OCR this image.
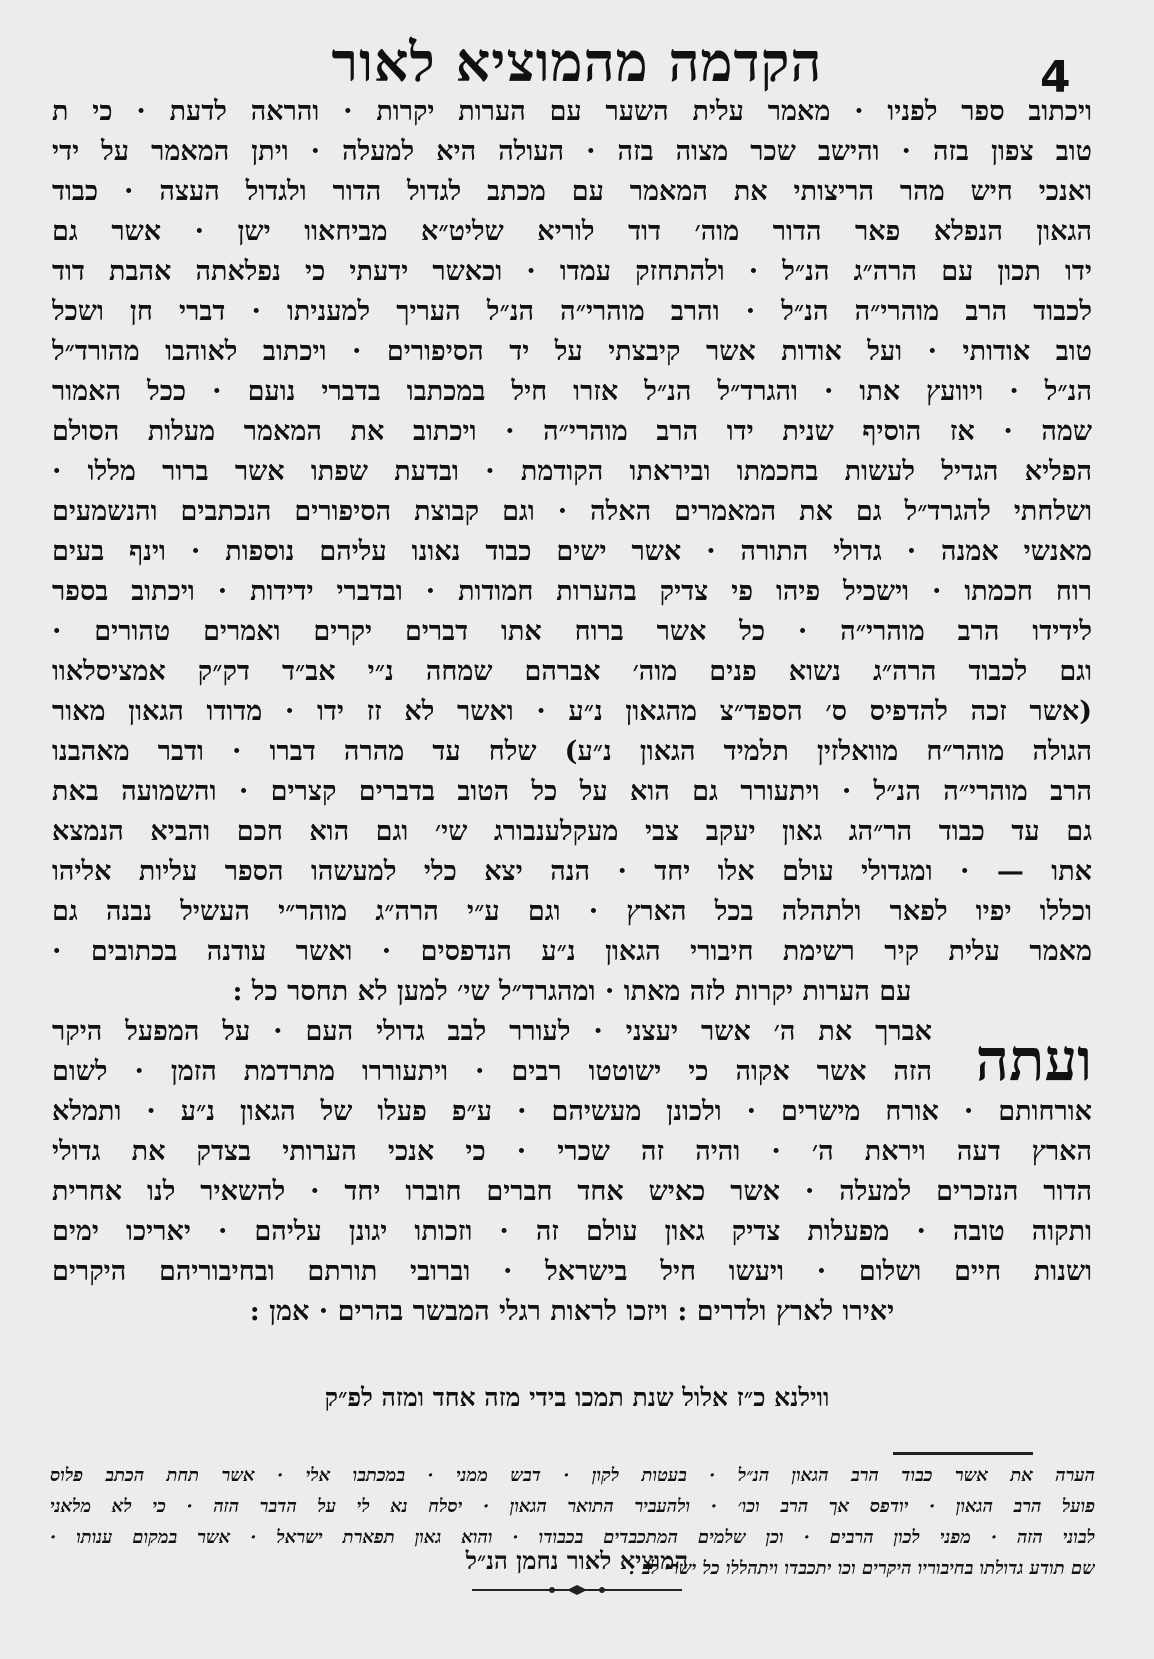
4
הקדמה מהמוציא לאור
ויכתוב ספר לפניו · מאמר עלית השער עם הערות יקרות · והראה לדעת · כי ת
טוב צפון בזה · והישב שכר מצוה בזה · העולה היא למעלה · ויתן המאמר על ידי
ואנכי חיש מהר הריצותי את המאמר עם מכתב לגדול הדור ולגדול העצה · כבוד
הגאון הנפלא פאר הדור מוה׳ דוד לוריא שליט״א מביחאוו ישן · אשר גם
ידו תכון עם הרה״ג הנ״ל · ולהתחזק עמדו · וכאשר ידעתי כי נפלאתה אהבת דוד
לכבוד הרב מוהרי״ה הנ״ל · והרב מוהרי״ה הנ״ל העריך למעניתו · דברי חן ושכל
טוב אודותי · ועל אודות אשר קיבצתי על יד הסיפורים · ויכתוב לאוהבו מהורד״ל
הנ״ל · ויוועץ אתו · והגרד״ל הנ״ל אזרו חיל במכתבו בדברי נועם · ככל האמור
שמה · אז הוסיף שנית ידו הרב מוהרי״ה · ויכתוב את המאמר מעלות הסולם
הפליא הגדיל לעשות בחכמתו וביראתו הקודמת · ובדעת שפתו אשר ברור מללו ·
ושלחתי להגרד״ל גם את המאמרים האלה · וגם קבוצת הסיפורים הנכתבים והנשמעים
מאנשי אמנה · גדולי התורה · אשר ישים כבוד נאונו עליהם נוספות · וינף בעים
רוח חכמתו · וישכיל פיהו פי צדיק בהערות חמודות · ובדברי ידידות · ויכתוב בספר
לידידו הרב מוהרי״ה · כל אשר ברוח אתו דברים יקרים ואמרים טהורים ·
וגם לכבוד הרה״ג נשוא פנים מוה׳ אברהם שמחה נ״י אב״ד דק״ק אמציסלאוו
(אשר זכה להדפיס ס׳ הספד״צ מהגאון נ״ע · ואשר לא זז ידו · מדודו הגאון מאור
הגולה מוהר״ח מוואלזין תלמיד הגאון נ״ע) שלח עד מהרה דברו · ודבר מאהבנו
הרב מוהרי״ה הנ״ל · ויתעורר גם הוא על כל הטוב בדברים קצרים · והשמועה באת
גם עד כבוד הר״הג גאון יעקב צבי מעקלענבורג שי׳ וגם הוא חכם והביא הנמצא
אתו — · ומגדולי עולם אלו יחד · הנה יצא כלי למעשהו הספר עליות אליהו
וכללו יפיו לפאר ולתהלה בכל הארץ · וגם ע״י הרה״ג מוהר״י העשיל נבנה גם
מאמר עלית קיר רשימת חיבורי הגאון נ״ע הנדפסים · ואשר עודנה בכתובים ·
עם הערות יקרות לזה מאתו · ומהגרד״ל שי׳ למען לא תחסר כל :
ועתה
אברך את ה׳ אשר יעצני · לעורר לבב גדולי העם · על המפעל היקר
הזה אשר אקוה כי ישוטטו רבים · ויתעוררו מתרדמת הזמן · לשום
אורחותם · אורח מישרים · ולכונן מעשיהם · ע״פ פעלו של הגאון נ״ע · ותמלא
הארץ דעה ויראת ה׳ · והיה זה שכרי · כי אנכי הערותי בצדק את גדולי
הדור הנזכרים למעלה · אשר כאיש אחד חברים חוברו יחד · להשאיר לנו אחרית
ותקוה טובה · מפעלות צדיק גאון עולם זה · וזכותו יגונן עליהם · יאריכו ימים
ושנות חיים ושלום · ויעשו חיל בישראל · וברובי תורתם ובחיבוריהם היקרים
יאירו לארץ ולדרים : ויזכו לראות רגלי המבשר בהרים · אמן :
ווילנא כ״ז אלול שנת תמכו בידי מזה אחד ומזה לפ״ק
הערה את אשר כבוד הרב הגאון הנ״ל · בעטות לקון · דבש ממני · במכתבו אלי · אשר תחת הכתב פלוס
פועל הרב הגאון · יודפס אך הרב וכו׳ · ולהעביר התואר הגאון · יסלח נא לי על הדבר הזה · כי לא מלאני
לבוני הזה · מפני לכון הרבים · וכן שלמים המתכבדים בכבודו · והוא גאון תפארת ישראל · אשר במקום ענותו ·
שם תודע גדולתו בחיבוריו היקרים וכו יתכבדו ויתהללו כל ישרי לב :
המוציא לאור נחמן הנ״ל
